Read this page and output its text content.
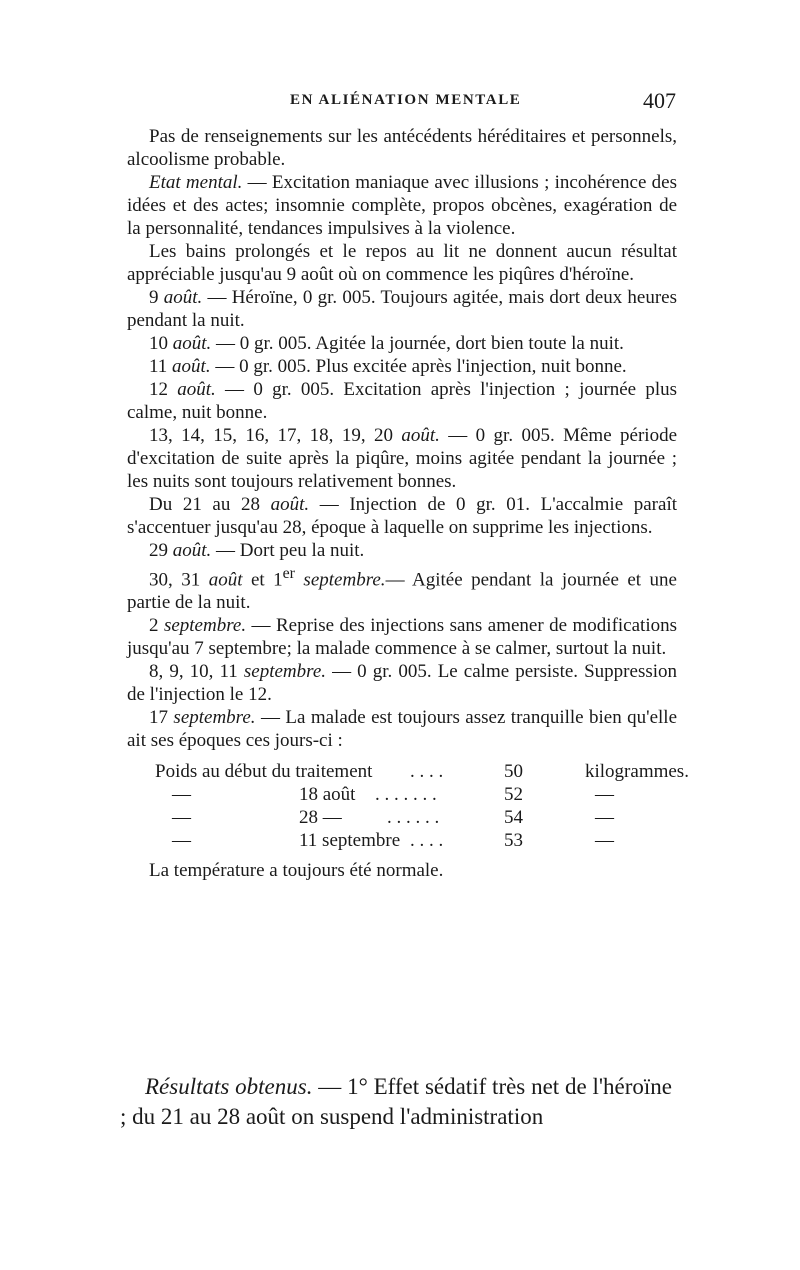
EN ALIÉNATION MENTALE	407

Pas de renseignements sur les antécédents héréditaires et personnels, alcoolisme probable.

Etat mental. — Excitation maniaque avec illusions ; incohérence des idées et des actes; insomnie complète, propos obcènes, exagération de la personnalité, tendances impulsives à la violence.

Les bains prolongés et le repos au lit ne donnent aucun résultat appréciable jusqu'au 9 août où on commence les piqûres d'héroïne.

9 août. — Héroïne, 0 gr. 005. Toujours agitée, mais dort deux heures pendant la nuit.

10 août. — 0 gr. 005. Agitée la journée, dort bien toute la nuit.

11 août. — 0 gr. 005. Plus excitée après l'injection, nuit bonne.

12 août. — 0 gr. 005. Excitation après l'injection ; journée plus calme, nuit bonne.

13, 14, 15, 16, 17, 18, 19, 20 août. — 0 gr. 005. Même période d'excitation de suite après la piqûre, moins agitée pendant la journée ; les nuits sont toujours relativement bonnes.

Du 21 au 28 août. — Injection de 0 gr. 01. L'accalmie paraît s'accentuer jusqu'au 28, époque à laquelle on supprime les injections.

29 août. — Dort peu la nuit.

30, 31 août et 1er septembre.— Agitée pendant la journée et une partie de la nuit.

2 septembre. — Reprise des injections sans amener de modifications jusqu'au 7 septembre; la malade commence à se calmer, surtout la nuit.

8, 9, 10, 11 septembre. — 0 gr. 005. Le calme persiste. Suppression de l'injection le 12.

17 septembre. — La malade est toujours assez tranquille bien qu'elle ait ses époques ces jours-ci :

Poids au début du traitement . . . .	50	kilogrammes.
—	18 août . . . . . . .	52	—
—	28 — . . . . . .	54	—
—	11 septembre . . . .	53	—

La température a toujours été normale.

Résultats obtenus. — 1° Effet sédatif très net de l'héroïne ; du 21 au 28 août on suspend l'administration
